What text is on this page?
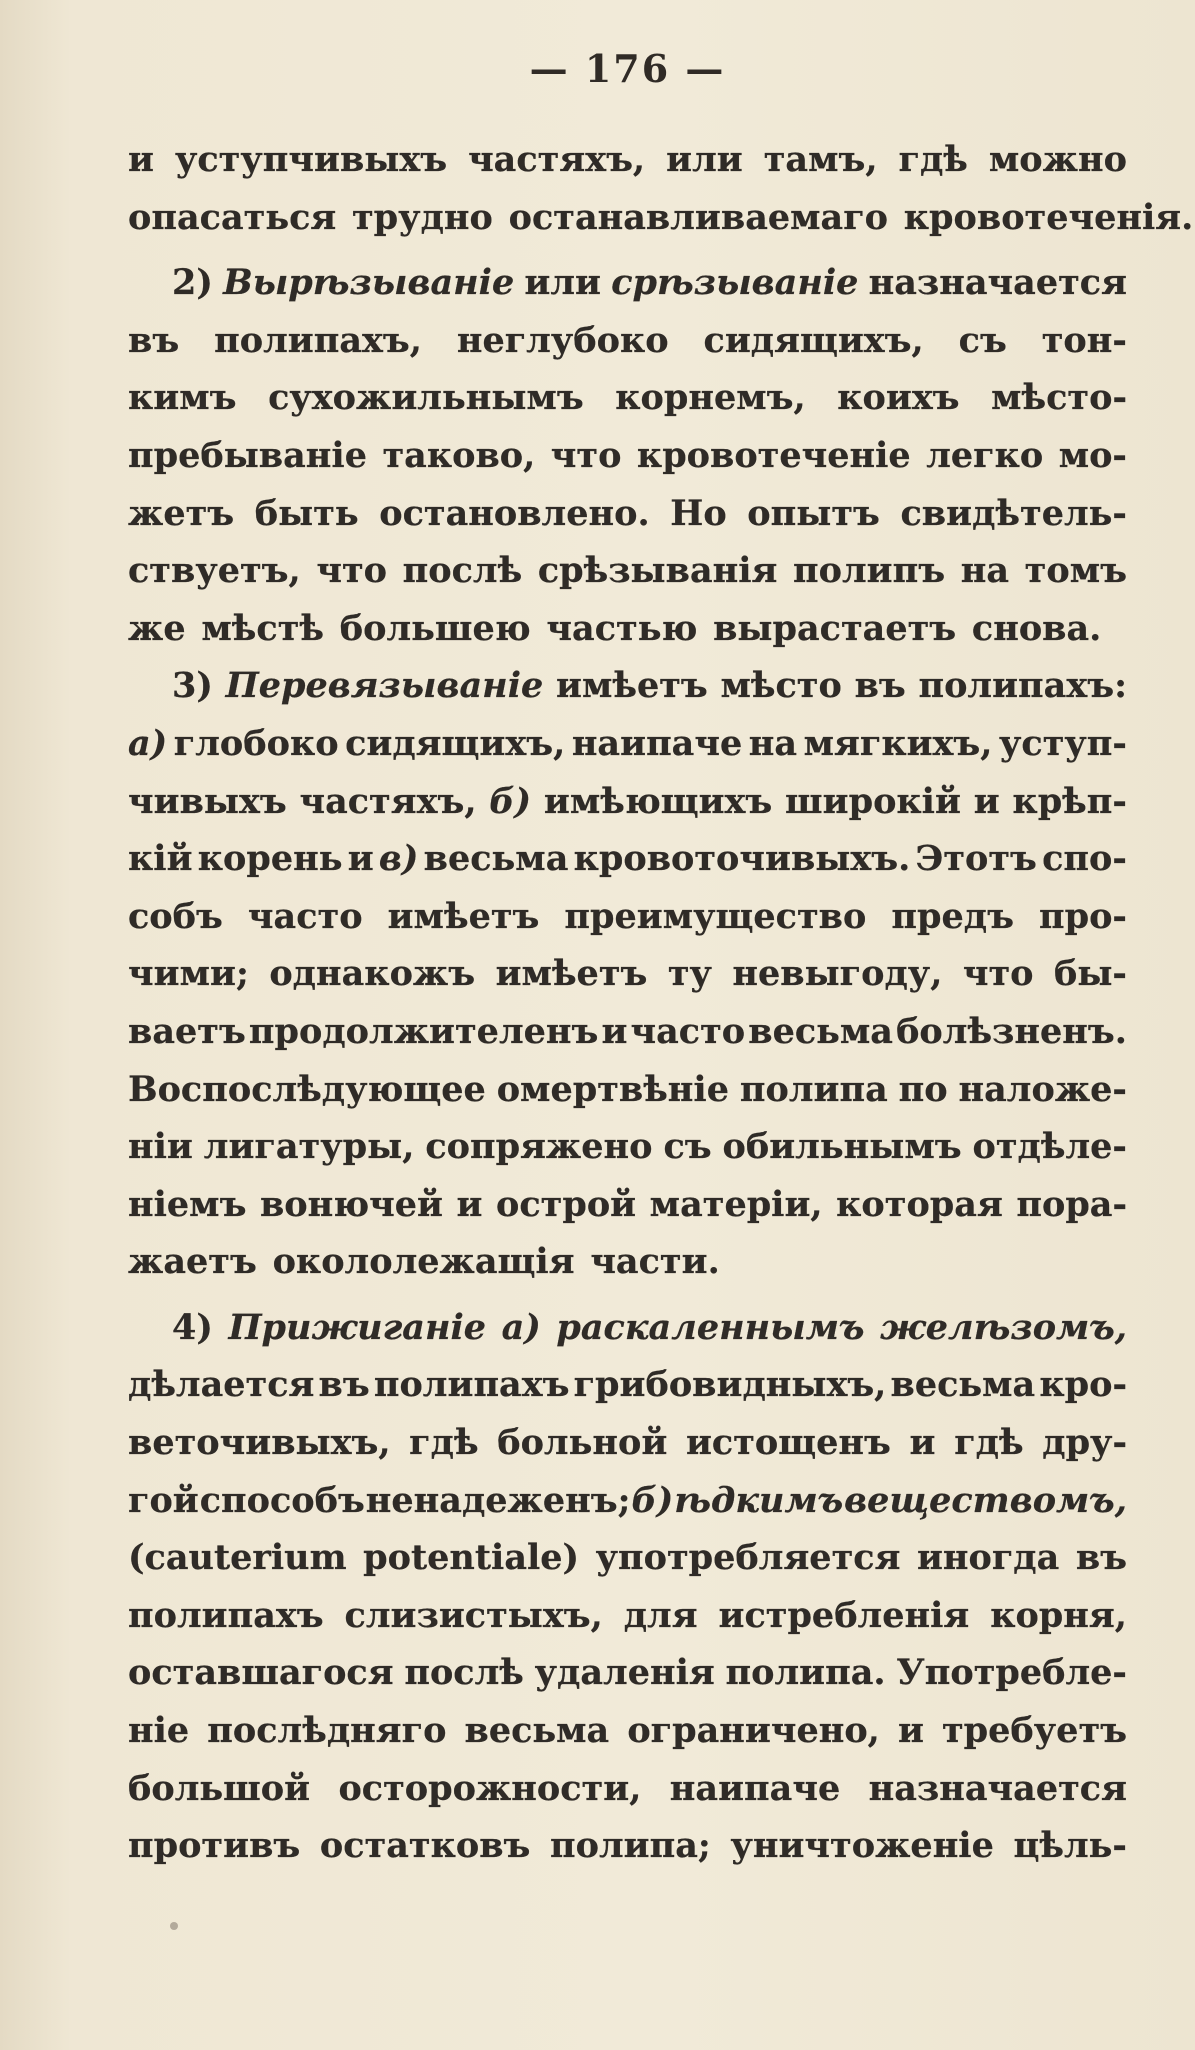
— 176 —
и уступчивыхъ частяхъ, или тамъ, гдѣ можно
опасаться трудно останавливаемаго кровотеченія.
2) Вырѣзываніе или срѣзываніе назначается
въ полипахъ, неглубоко сидящихъ, съ тон-
кимъ сухожильнымъ корнемъ, коихъ мѣсто-
пребываніе таково, что кровотеченіе легко мо-
жетъ быть остановлено. Но опытъ свидѣтель-
ствуетъ, что послѣ срѣзыванія полипъ на томъ
же мѣстѣ большею частью вырастаетъ снова.
3) Перевязываніе имѣетъ мѣсто въ полипахъ:
а) глобоко сидящихъ, наипаче на мягкихъ, уступ-
чивыхъ частяхъ, б) имѣющихъ широкій и крѣп-
кій корень и в) весьма кровоточивыхъ. Этотъ спо-
собъ часто имѣетъ преимущество предъ про-
чими; однакожъ имѣетъ ту невыгоду, что бы-
ваетъ продолжителенъ и часто весьма болѣзненъ.
Воспослѣдующее омертвѣніе полипа по наложе-
ніи лигатуры, сопряжено съ обильнымъ отдѣле-
ніемъ вонючей и острой матеріи, которая пора-
жаетъ окололежащія части.
4) Прижиганіе а) раскаленнымъ желѣзомъ,
дѣлается въ полипахъ грибовидныхъ, весьма кро-
веточивыхъ, гдѣ больной истощенъ и гдѣ дру-
гой способъ ненадеженъ; б) ѣдкимъ веществомъ,
(cauterium potentiale) употребляется иногда въ
полипахъ слизистыхъ, для истребленія корня,
оставшагося послѣ удаленія полипа. Употребле-
ніе послѣдняго весьма ограничено, и требуетъ
большой осторожности, наипаче назначается
противъ остатковъ полипа; уничтоженіе цѣль-
